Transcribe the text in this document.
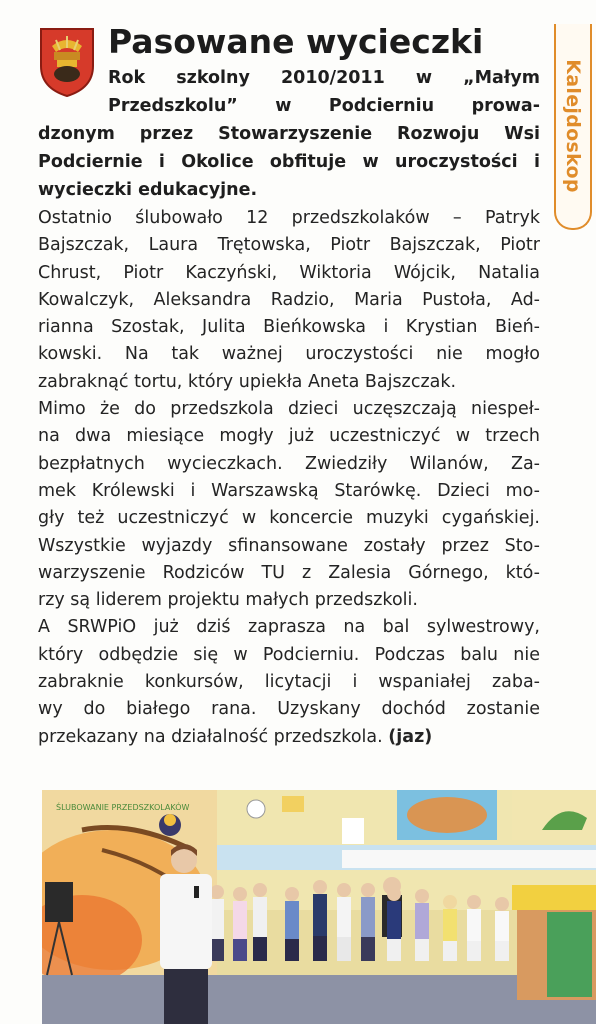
Pasowane wycieczki
Kalejdoskop
Rok szkolny 2010/2011 w „Małym
Przedszkolu” w Podcierniu prowa-
dzonym przez Stowarzyszenie Rozwoju Wsi
Podciernie i Okolice obfituje w uroczystości i
wycieczki edukacyjne.
Ostatnio ślubowało 12 przedszkolaków – Patryk
Bajszczak, Laura Trętowska, Piotr Bajszczak, Piotr
Chrust, Piotr Kaczyński, Wiktoria Wójcik, Natalia
Kowalczyk, Aleksandra Radzio, Maria Pustoła, Ad-
rianna Szostak, Julita Bieńkowska i Krystian Bień-
kowski. Na tak ważnej uroczystości nie mogło
zabraknąć tortu, który upiekła Aneta Bajszczak.
Mimo że do przedszkola dzieci uczęszczają niespeł-
na dwa miesiące mogły już uczestniczyć w trzech
bezpłatnych wycieczkach. Zwiedziły Wilanów, Za-
mek Królewski i Warszawską Starówkę. Dzieci mo-
gły też uczestniczyć w koncercie muzyki cygańskiej.
Wszystkie wyjazdy sfinansowane zostały przez Sto-
warzyszenie Rodziców TU z Zalesia Górnego, któ-
rzy są liderem projektu małych przedszkoli.
A SRWPiO już dziś zaprasza na bal sylwestrowy,
który odbędzie się w Podcierniu. Podczas balu nie
zabraknie konkursów, licytacji i wspaniałej zaba-
wy do białego rana. Uzyskany dochód zostanie
przekazany na działalność przedszkola. (jaz)
ŚLUBOWANIE PRZEDSZKOLAKÓW
